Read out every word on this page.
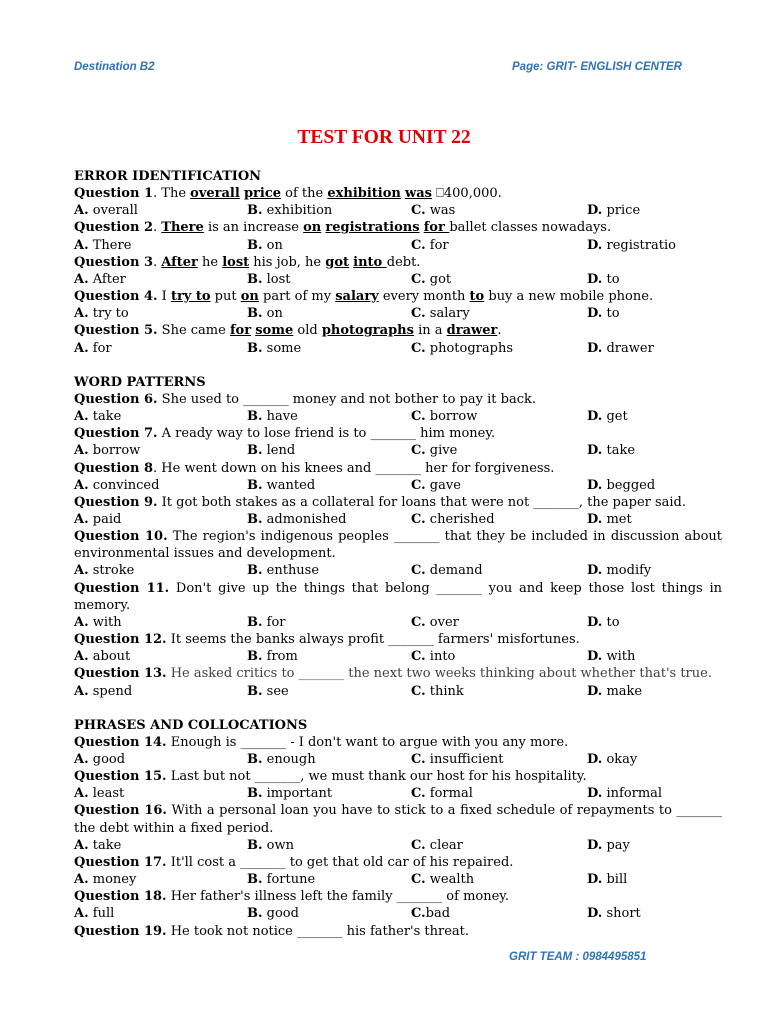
Destination B2	Page: GRIT- ENGLISH CENTER
TEST FOR UNIT 22
ERROR IDENTIFICATION
Question 1. The overall price of the exhibition was ⎕400,000.
A. overall	B. exhibition	C. was	D. price
Question 2. There is an increase on registrations for ballet classes nowadays.
A. There	B. on	C. for	D. registratio
Question 3. After he lost his job, he got into debt.
A. After	B. lost	C. got	D. to
Question 4. I try to put on part of my salary every month to buy a new mobile phone.
A. try to	B. on	C. salary	D. to
Question 5. She came for some old photographs in a drawer.
A. for	B. some	C. photographs	D. drawer
WORD PATTERNS
Question 6. She used to _______ money and not bother to pay it back.
A. take	B. have	C. borrow	D. get
Question 7. A ready way to lose friend is to _______ him money.
A. borrow	B. lend	C. give	D. take
Question 8. He went down on his knees and _______ her for forgiveness.
A. convinced	B. wanted	C. gave	D. begged
Question 9. It got both stakes as a collateral for loans that were not _______, the paper said.
A. paid	B. admonished	C. cherished	D. met
Question 10. The region's indigenous peoples _______ that they be included in discussion about environmental issues and development.
A. stroke	B. enthuse	C. demand	D. modify
Question 11. Don't give up the things that belong _______ you and keep those lost things in memory.
A. with	B. for	C. over	D. to
Question 12. It seems the banks always profit _______ farmers' misfortunes.
A. about	B. from	C. into	D. with
Question 13. He asked critics to _______ the next two weeks thinking about whether that's true.
A. spend	B. see	C. think	D. make
PHRASES AND COLLOCATIONS
Question 14. Enough is _______ - I don't want to argue with you any more.
A. good	B. enough	C. insufficient	D. okay
Question 15. Last but not _______, we must thank our host for his hospitality.
A. least	B. important	C. formal	D. informal
Question 16. With a personal loan you have to stick to a fixed schedule of repayments to _______ the debt within a fixed period.
A. take	B. own	C. clear	D. pay
Question 17. It'll cost a _______ to get that old car of his repaired.
A. money	B. fortune	C. wealth	D. bill
Question 18. Her father's illness left the family _______ of money.
A. full	B. good	C.bad	D. short
Question 19. He took not notice _______ his father's threat.
GRIT TEAM : 0984495851
